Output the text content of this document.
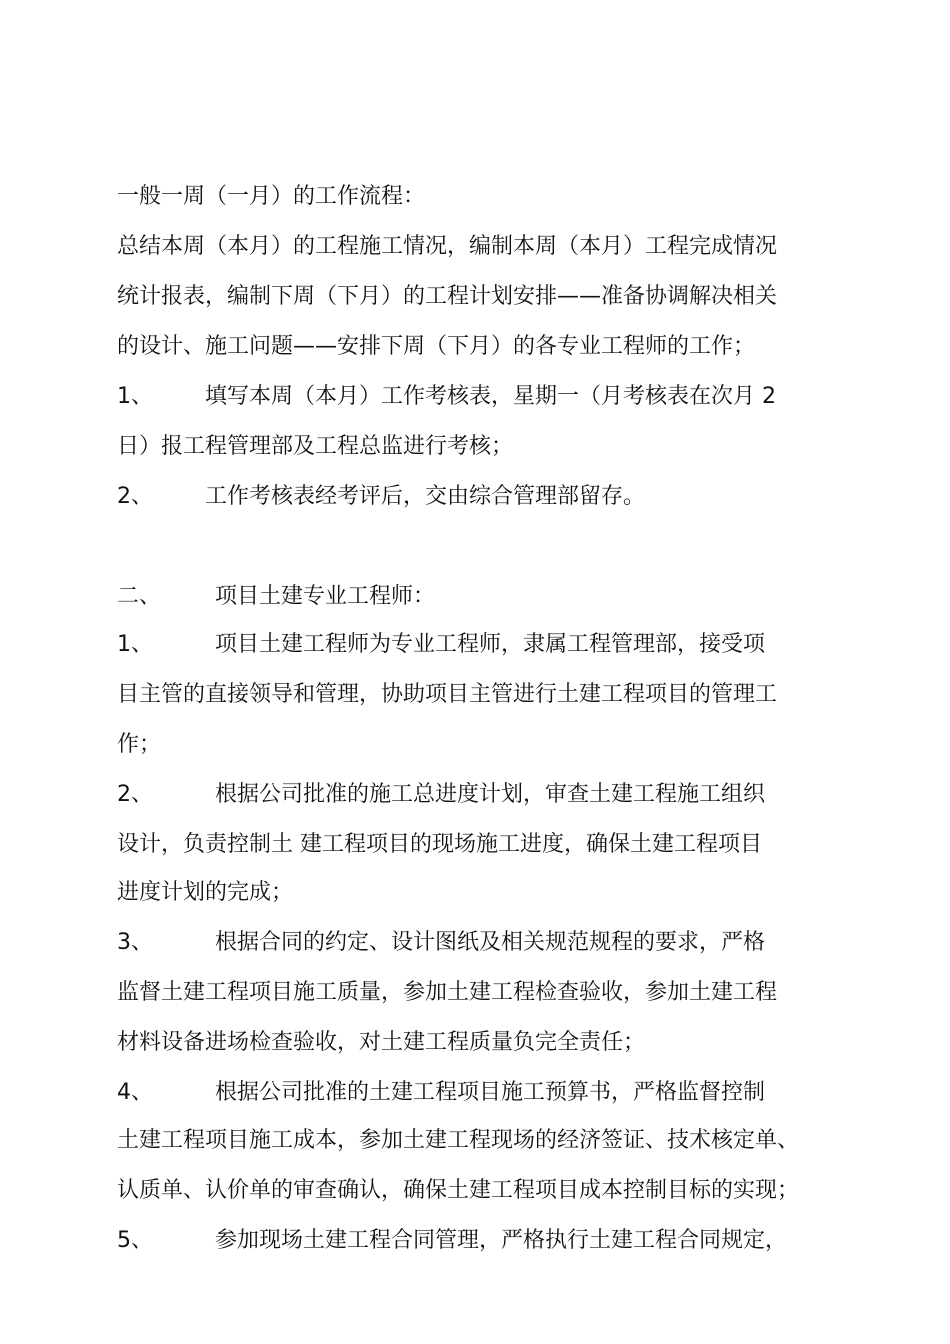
一般一周（一月）的工作流程：
总结本周（本月）的工程施工情况，编制本周（本月）工程完成情况
统计报表，编制下周（下月）的工程计划安排——准备协调解决相关
的设计、施工问题——安排下周（下月）的各专业工程师的工作；
1、 填写本周（本月）工作考核表，星期一（月考核表在次月 2
日）报工程管理部及工程总监进行考核；
2、 工作考核表经考评后，交由综合管理部留存。
二、 项目土建专业工程师：
1、	项目土建工程师为专业工程师，隶属工程管理部，接受项
目主管的直接领导和管理，协助项目主管进行土建工程项目的管理工
作；
2、	根据公司批准的施工总进度计划，审查土建工程施工组织
设计，负责控制土 建工程项目的现场施工进度，确保土建工程项目
进度计划的完成；
3、	根据合同的约定、设计图纸及相关规范规程的要求，严格
监督土建工程项目施工质量，参加土建工程检查验收，参加土建工程
材料设备进场检查验收，对土建工程质量负完全责任；
4、	根据公司批准的土建工程项目施工预算书，严格监督控制
土建工程项目施工成本，参加土建工程现场的经济签证、技术核定单、
认质单、认价单的审查确认，确保土建工程项目成本控制目标的实现；
5、	参加现场土建工程合同管理，严格执行土建工程合同规定，
